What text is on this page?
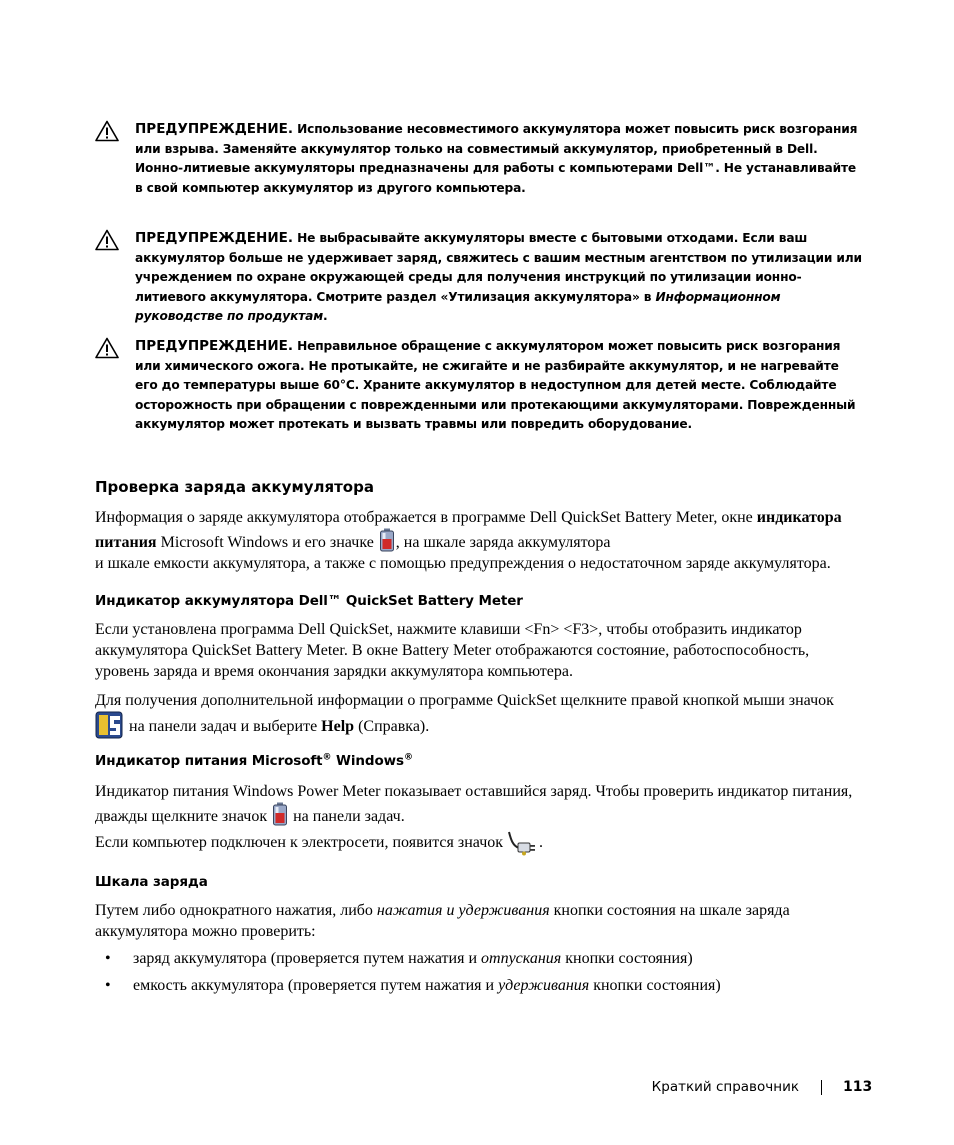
ПРЕДУПРЕЖДЕНИЕ. Использование несовместимого аккумулятора может повысить риск возгорания или взрыва. Заменяйте аккумулятор только на совместимый аккумулятор, приобретенный в Dell. Ионно-литиевые аккумуляторы предназначены для работы с компьютерами Dell™. Не устанавливайте в свой компьютер аккумулятор из другого компьютера.
ПРЕДУПРЕЖДЕНИЕ. Не выбрасывайте аккумуляторы вместе с бытовыми отходами. Если ваш аккумулятор больше не удерживает заряд, свяжитесь с вашим местным агентством по утилизации или учреждением по охране окружающей среды для получения инструкций по утилизации ионно-литиевого аккумулятора. Смотрите раздел «Утилизация аккумулятора» в Информационном руководстве по продуктам.
ПРЕДУПРЕЖДЕНИЕ. Неправильное обращение с аккумулятором может повысить риск возгорания или химического ожога. Не протыкайте, не сжигайте и не разбирайте аккумулятор, и не нагревайте его до температуры выше 60°C. Храните аккумулятор в недоступном для детей месте. Соблюдайте осторожность при обращении с поврежденными или протекающими аккумуляторами. Поврежденный аккумулятор может протекать и вызвать травмы или повредить оборудование.
Проверка заряда аккумулятора

Информация о заряде аккумулятора отображается в программе Dell QuickSet Battery Meter, окне индикатора питания Microsoft Windows и его значке , на шкале заряда аккумулятора
и шкале емкости аккумулятора, а также с помощью предупреждения о недостаточном заряде аккумулятора.

Индикатор аккумулятора Dell™ QuickSet Battery Meter

Если установлена программа Dell QuickSet, нажмите клавиши <Fn> <F3>, чтобы отобразить индикатор аккумулятора QuickSet Battery Meter. В окне Battery Meter отображаются состояние, работоспособность, уровень заряда и время окончания зарядки аккумулятора компьютера.

Для получения дополнительной информации о программе QuickSet щелкните правой кнопкой мыши значок  на панели задач и выберите Help (Справка).

Индикатор питания Microsoft® Windows®

Индикатор питания Windows Power Meter показывает оставшийся заряд. Чтобы проверить индикатор питания, дважды щелкните значок  на панели задач.

Если компьютер подключен к электросети, появится значок .

Шкала заряда

Путем либо однократного нажатия, либо нажатия и удерживания кнопки состояния на шкале заряда аккумулятора можно проверить:

• заряд аккумулятора (проверяется путем нажатия и отпускания кнопки состояния)
• емкость аккумулятора (проверяется путем нажатия и удерживания кнопки состояния)
Краткий справочник	113
